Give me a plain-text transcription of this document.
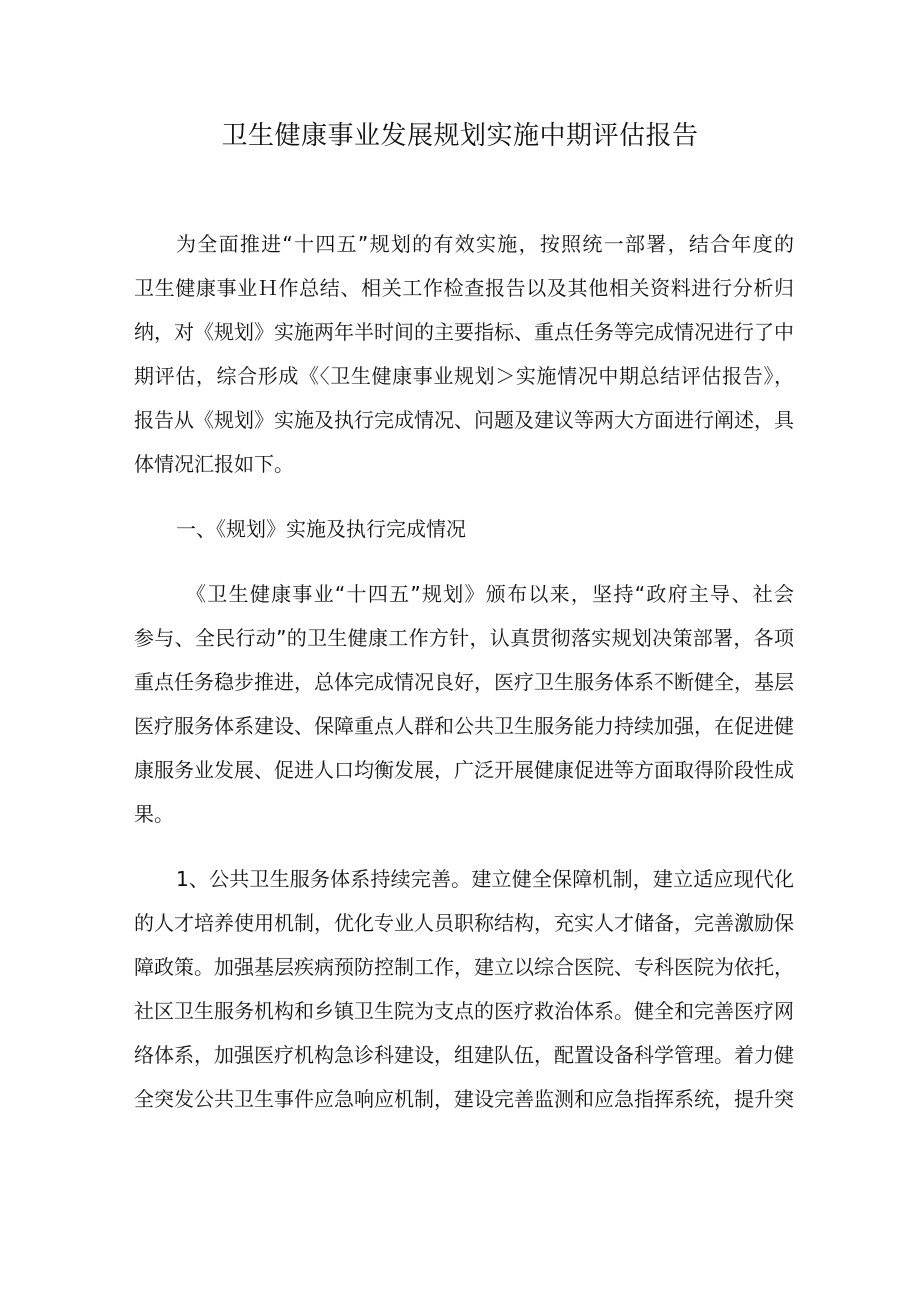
卫生健康事业发展规划实施中期评估报告
为全面推进“十四五”规划的有效实施，按照统一部署，结合年度的
卫生健康事业Ｈ作总结、相关工作检查报告以及其他相关资料进行分析归
纳，对《规划》实施两年半时间的主要指标、重点任务等完成情况进行了中
期评估，综合形成《〈卫生健康事业规划＞实施情况中期总结评估报告》，
报告从《规划》实施及执行完成情况、问题及建议等两大方面进行阐述，具
体情况汇报如下。
一、《规划》实施及执行完成情况
《卫生健康事业“十四五”规划》颁布以来，坚持“政府主导、社会
参与、全民行动”的卫生健康工作方针，认真贯彻落实规划决策部署，各项
重点任务稳步推进，总体完成情况良好，医疗卫生服务体系不断健全，基层
医疗服务体系建设、保障重点人群和公共卫生服务能力持续加强，在促进健
康服务业发展、促进人口均衡发展，广泛开展健康促进等方面取得阶段性成
果。
1、公共卫生服务体系持续完善。建立健全保障机制，建立适应现代化
的人才培养使用机制，优化专业人员职称结构，充实人才储备，完善激励保
障政策。加强基层疾病预防控制工作，建立以综合医院、专科医院为依托，
社区卫生服务机构和乡镇卫生院为支点的医疗救治体系。健全和完善医疗网
络体系，加强医疗机构急诊科建设，组建队伍，配置设备科学管理。着力健
全突发公共卫生事件应急响应机制，建设完善监测和应急指挥系统，提升突
